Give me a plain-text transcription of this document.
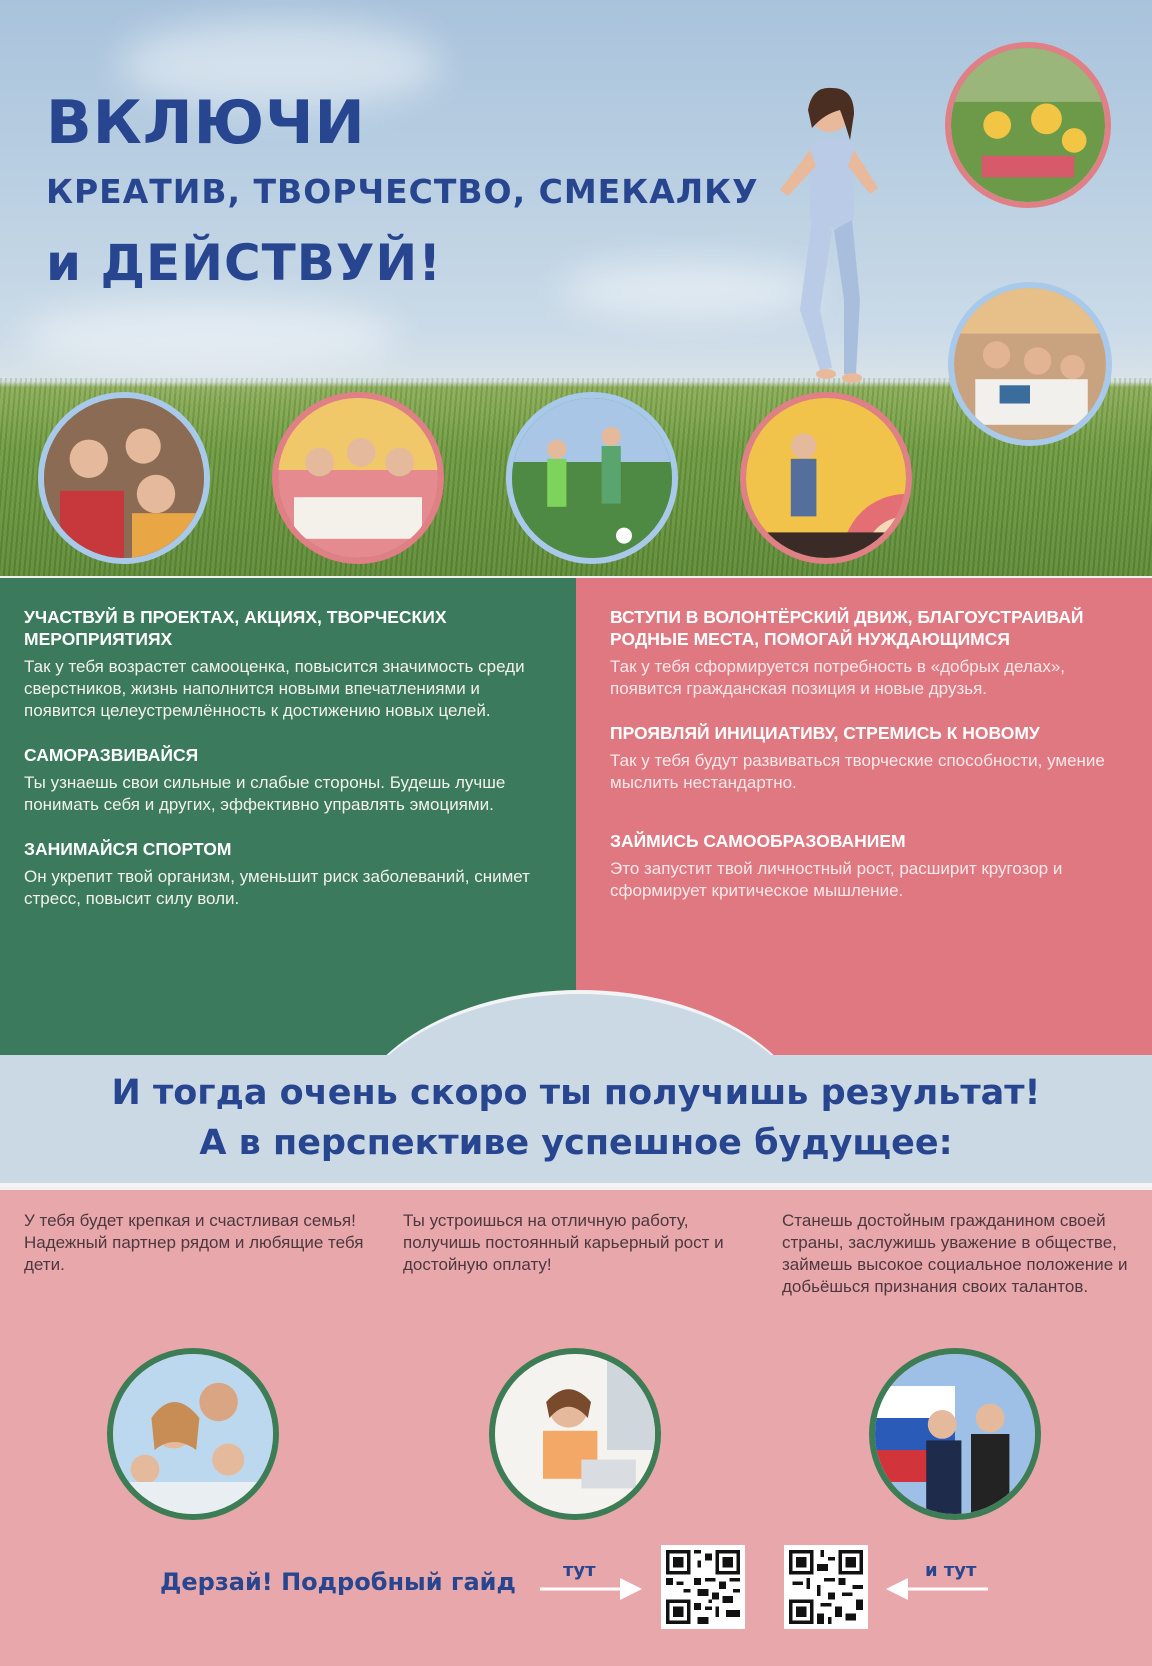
ВКЛЮЧИ
КРЕАТИВ, ТВОРЧЕСТВО, СМЕКАЛКУ
и ДЕЙСТВУЙ!
УЧАСТВУЙ В ПРОЕКТАХ, АКЦИЯХ, ТВОРЧЕСКИХ МЕРОПРИЯТИЯХ

Так у тебя возрастет самооценка, повысится значимость среди сверстников, жизнь наполнится новыми впечатлениями и появится целеустремлённость к достижению новых целей.

САМОРАЗВИВАЙСЯ

Ты узнаешь свои сильные и слабые стороны. Будешь лучше понимать себя и других, эффективно управлять эмоциями.

ЗАНИМАЙСЯ СПОРТОМ

Он укрепит твой организм, уменьшит риск заболеваний, снимет стресс, повысит силу воли.

ВСТУПИ В ВОЛОНТЁРСКИЙ ДВИЖ, БЛАГОУСТРАИВАЙ РОДНЫЕ МЕСТА, ПОМОГАЙ НУЖДАЮЩИМСЯ

Так у тебя сформируется потребность в «добрых делах», появится гражданская позиция и новые друзья.

ПРОЯВЛЯЙ ИНИЦИАТИВУ, СТРЕМИСЬ К НОВОМУ

Так у тебя будут развиваться творческие способности, умение мыслить нестандартно.

ЗАЙМИСЬ САМООБРАЗОВАНИЕМ

Это запустит твой личностный рост, расширит кругозор и сформирует критическое мышление.

И тогда очень скоро ты получишь результат!
А в перспективе успешное будущее:
У тебя будет крепкая и счастливая семья! Надежный партнер рядом и любящие тебя дети.
Ты устроишься на отличную работу, получишь постоянный карьерный рост и достойную оплату!
Станешь достойным гражданином своей страны, заслужишь уважение в обществе, займешь высокое социальное положение и добьёшься признания своих талантов.
Дерзай! Подробный гайд	тут	и тут
